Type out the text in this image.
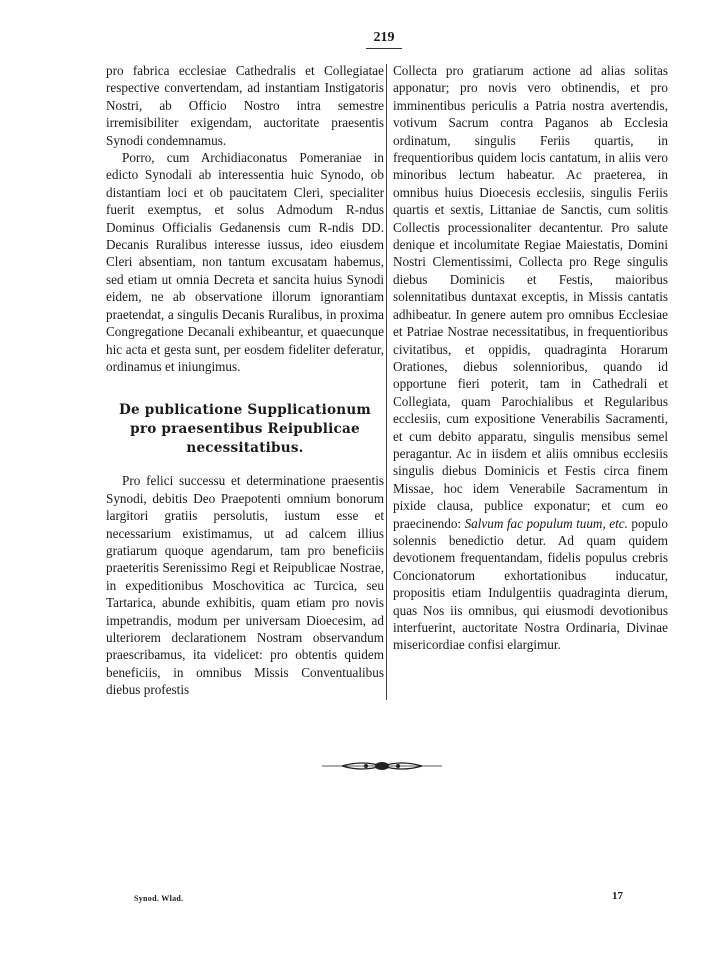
219

pro fabrica ecclesiae Cathedralis et Collegiatae respective convertendam, ad instantiam Instigatoris Nostri, ab Officio Nostro intra semestre irremisibiliter exigendam, auctoritate praesentis Synodi condemnamus.

Porro, cum Archidiaconatus Pomeraniae in edicto Synodali ab interessentia huic Synodo, ob distantiam loci et ob paucitatem Cleri, specialiter fuerit exemptus, et solus Admodum R-ndus Dominus Officialis Gedanensis cum R-ndis DD. Decanis Ruralibus interesse iussus, ideo eiusdem Cleri absentiam, non tantum excusatam habemus, sed etiam ut omnia Decreta et sancita huius Synodi eidem, ne ab observatione illorum ignorantiam praetendat, a singulis Decanis Ruralibus, in proxima Congregatione Decanali exhibeantur, et quaecunque hic acta et gesta sunt, per eosdem fideliter deferatur, ordinamus et iniungimus.

De publicatione Supplicationum pro praesentibus Reipublicae necessitatibus.

Pro felici successu et determinatione praesentis Synodi, debitis Deo Praepotenti omnium bonorum largitori gratiis persolutis, iustum esse et necessarium existimamus, ut ad calcem illius gratiarum quoque agendarum, tam pro beneficiis praeteritis Serenissimo Regi et Reipublicae Nostrae, in expeditionibus Moschovitica ac Turcica, seu Tartarica, abunde exhibitis, quam etiam pro novis impetrandis, modum per universam Dioecesim, ad ulteriorem declarationem Nostram observandum praescribamus, ita videlicet: pro obtentis quidem beneficiis, in omnibus Missis Conventualibus diebus profestis

Collecta pro gratiarum actione ad alias solitas apponatur; pro novis vero obtinendis, et pro imminentibus periculis a Patria nostra avertendis, votivum Sacrum contra Paganos ab Ecclesia ordinatum, singulis Feriis quartis, in frequentioribus quidem locis cantatum, in aliis vero minoribus lectum habeatur. Ac praeterea, in omnibus huius Dioecesis ecclesiis, singulis Feriis quartis et sextis, Littaniae de Sanctis, cum solitis Collectis processionaliter decantentur. Pro salute denique et incolumitate Regiae Maiestatis, Domini Nostri Clementissimi, Collecta pro Rege singulis diebus Dominicis et Festis, maioribus solennitatibus duntaxat exceptis, in Missis cantatis adhibeatur. In genere autem pro omnibus Ecclesiae et Patriae Nostrae necessitatibus, in frequentioribus civitatibus, et oppidis, quadraginta Horarum Orationes, diebus solennioribus, quando id opportune fieri poterit, tam in Cathedrali et Collegiata, quam Parochialibus et Regularibus ecclesiis, cum expositione Venerabilis Sacramenti, et cum debito apparatu, singulis mensibus semel peragantur. Ac in iisdem et aliis omnibus ecclesiis singulis diebus Dominicis et Festis circa finem Missae, hoc idem Venerabile Sacramentum in pixide clausa, publice exponatur; et cum eo praecinendo: Salvum fac populum tuum, etc. populo solennis benedictio detur. Ad quam quidem devotionem frequentandam, fidelis populus crebris Concionatorum exhortationibus inducatur, propositis etiam Indulgentiis quadraginta dierum, quas Nos iis omnibus, qui eiusmodi devotionibus interfuerint, auctoritate Nostra Ordinaria, Divinae misericordiae confisi elargimur.

Synod. Wlad.	17
